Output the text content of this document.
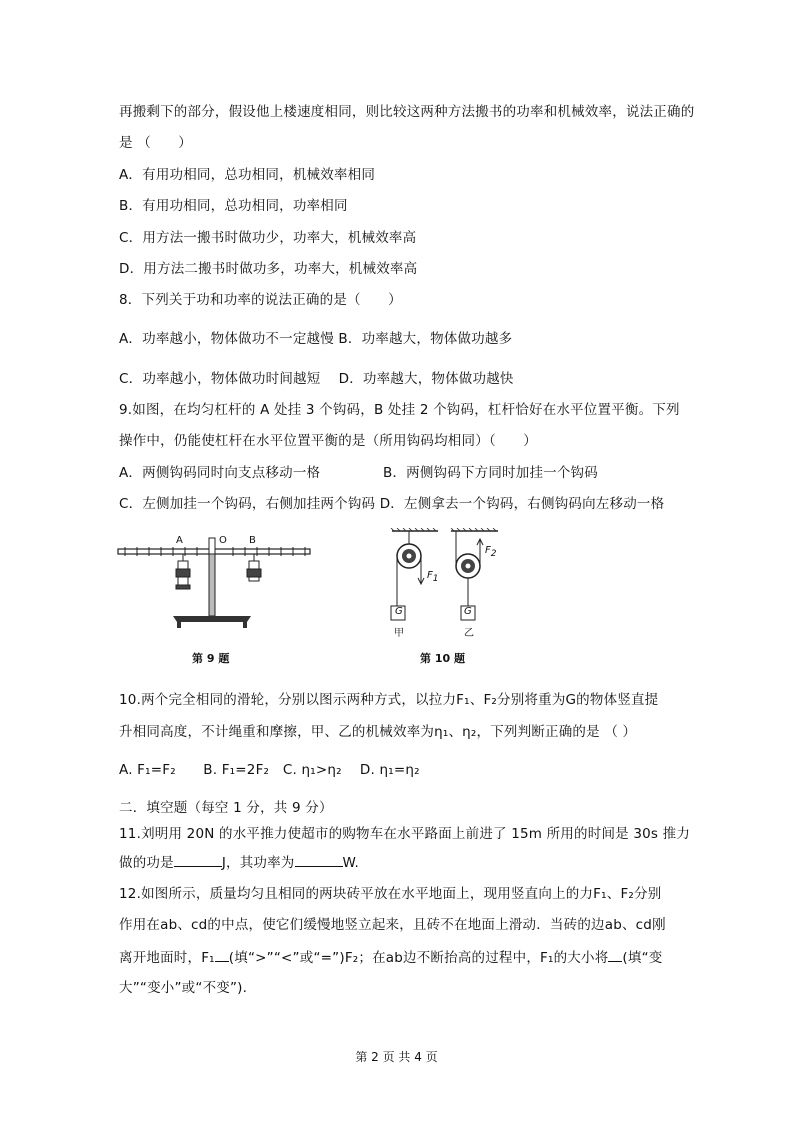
再搬剩下的部分，假设他上楼速度相同，则比较这两种方法搬书的功率和机械效率，说法正确的
是 （　　）
A．有用功相同，总功相同，机械效率相同
B．有用功相同，总功相同，功率相同
C．用方法一搬书时做功少，功率大，机械效率高
D．用方法二搬书时做功多，功率大，机械效率高
8．下列关于功和功率的说法正确的是（　　）
A．功率越小，物体做功不一定越慢 B．功率越大，物体做功越多
C．功率越小，物体做功时间越短　 D．功率越大，物体做功越快
9.如图，在均匀杠杆的 A 处挂 3 个钩码，B 处挂 2 个钩码，杠杆恰好在水平位置平衡。下列
操作中，仍能使杠杆在水平位置平衡的是（所用钩码均相同）（　　）
A．两侧钩码同时向支点移动一格	B．两侧钩码下方同时加挂一个钩码
C．左侧加挂一个钩码，右侧加挂两个钩码 D．左侧拿去一个钩码，右侧钩码向左移动一格
A	O B
第 9 题
G	G
甲	乙
$F_1$
$F_2$
第 10 题
10.两个完全相同的滑轮，分别以图示两种方式，以拉力F₁、F₂分别将重为G的物体竖直提
升相同高度，不计绳重和摩擦，甲、乙的机械效率为η₁、η₂，下列判断正确的是 （ ）
A. F₁=F₂　　B. F₁=2F₂　C. η₁>η₂　 D. η₁=η₂
二．填空题（每空 1 分，共 9 分）
11.刘明用 20N 的水平推力使超市的购物车在水平路面上前进了 15m 所用的时间是 30s 推力
做的功是	J，其功率为	W.
12.如图所示，质量均匀且相同的两块砖平放在水平地面上，现用竖直向上的力F₁、F₂分别
作用在ab、cd的中点，使它们缓慢地竖立起来，且砖不在地面上滑动．当砖的边ab、cd刚
离开地面时，F₁ (填“>”“<”或“=”)F₂；在ab边不断抬高的过程中，F₁的大小将 (填“变
大”“变小”或“不变”).
第 2 页 共 4 页
